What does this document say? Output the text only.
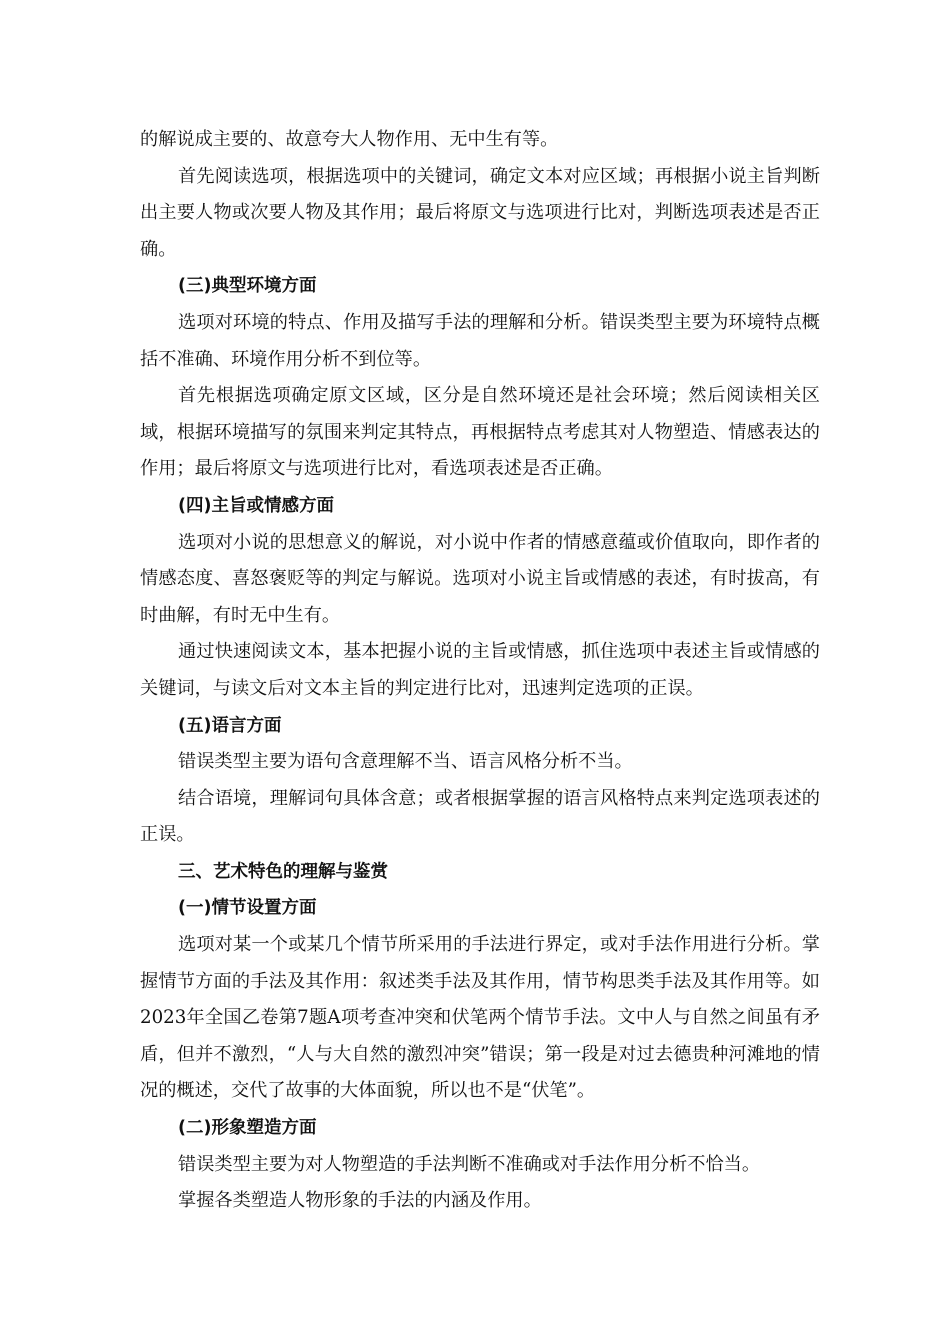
的解说成主要的、故意夸大人物作用、无中生有等。

首先阅读选项，根据选项中的关键词，确定文本对应区域；再根据小说主旨判断出主要人物或次要人物及其作用；最后将原文与选项进行比对，判断选项表述是否正确。

(三)典型环境方面

选项对环境的特点、作用及描写手法的理解和分析。错误类型主要为环境特点概括不准确、环境作用分析不到位等。

首先根据选项确定原文区域，区分是自然环境还是社会环境；然后阅读相关区域，根据环境描写的氛围来判定其特点，再根据特点考虑其对人物塑造、情感表达的作用；最后将原文与选项进行比对，看选项表述是否正确。

(四)主旨或情感方面

选项对小说的思想意义的解说，对小说中作者的情感意蕴或价值取向，即作者的情感态度、喜怒褒贬等的判定与解说。选项对小说主旨或情感的表述，有时拔高，有时曲解，有时无中生有。

通过快速阅读文本，基本把握小说的主旨或情感，抓住选项中表述主旨或情感的关键词，与读文后对文本主旨的判定进行比对，迅速判定选项的正误。

(五)语言方面

错误类型主要为语句含意理解不当、语言风格分析不当。

结合语境，理解词句具体含意；或者根据掌握的语言风格特点来判定选项表述的正误。

三、艺术特色的理解与鉴赏

(一)情节设置方面

选项对某一个或某几个情节所采用的手法进行界定，或对手法作用进行分析。掌握情节方面的手法及其作用：叙述类手法及其作用，情节构思类手法及其作用等。如2023年全国乙卷第7题A项考查冲突和伏笔两个情节手法。文中人与自然之间虽有矛盾，但并不激烈，“人与大自然的激烈冲突”错误；第一段是对过去德贵种河滩地的情况的概述，交代了故事的大体面貌，所以也不是“伏笔”。

(二)形象塑造方面

错误类型主要为对人物塑造的手法判断不准确或对手法作用分析不恰当。

掌握各类塑造人物形象的手法的内涵及作用。
